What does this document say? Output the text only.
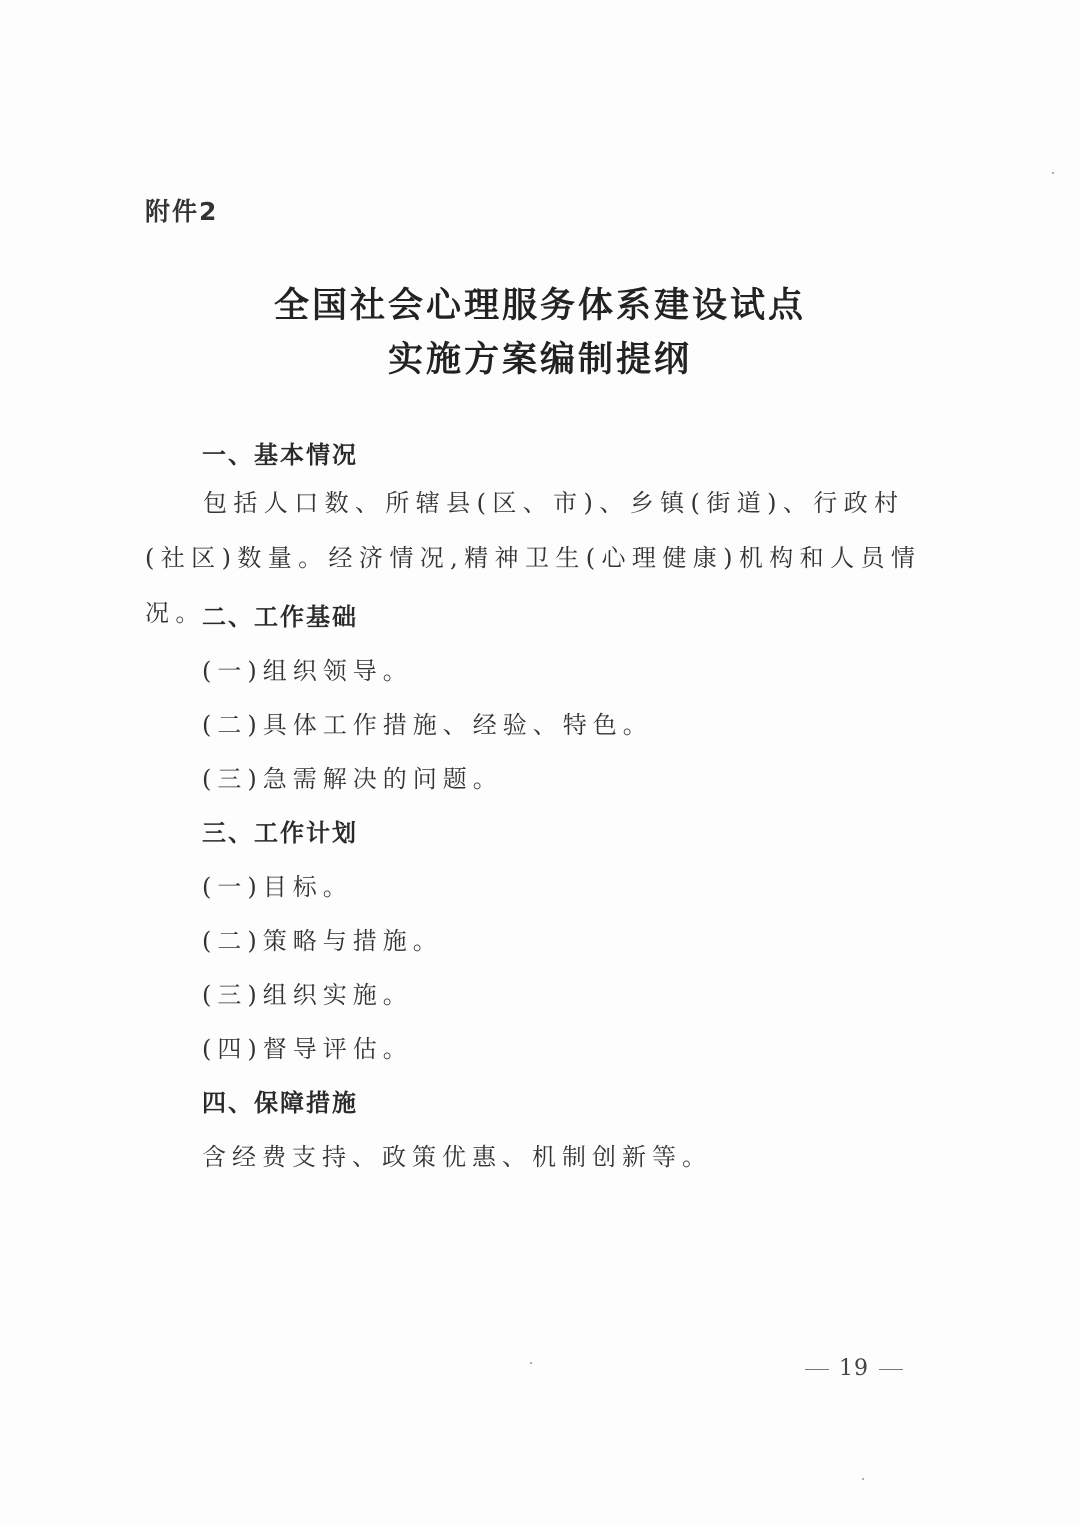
附件2
全国社会心理服务体系建设试点
实施方案编制提纲
一、基本情况
包括人口数、所辖县(区、市)、乡镇(街道)、行政村(社区)数量。经济情况,精神卫生(心理健康)机构和人员情况。
二、工作基础
(一)组织领导。
(二)具体工作措施、经验、特色。
(三)急需解决的问题。
三、工作计划
(一)目标。
(二)策略与措施。
(三)组织实施。
(四)督导评估。
四、保障措施
含经费支持、政策优惠、机制创新等。
19
